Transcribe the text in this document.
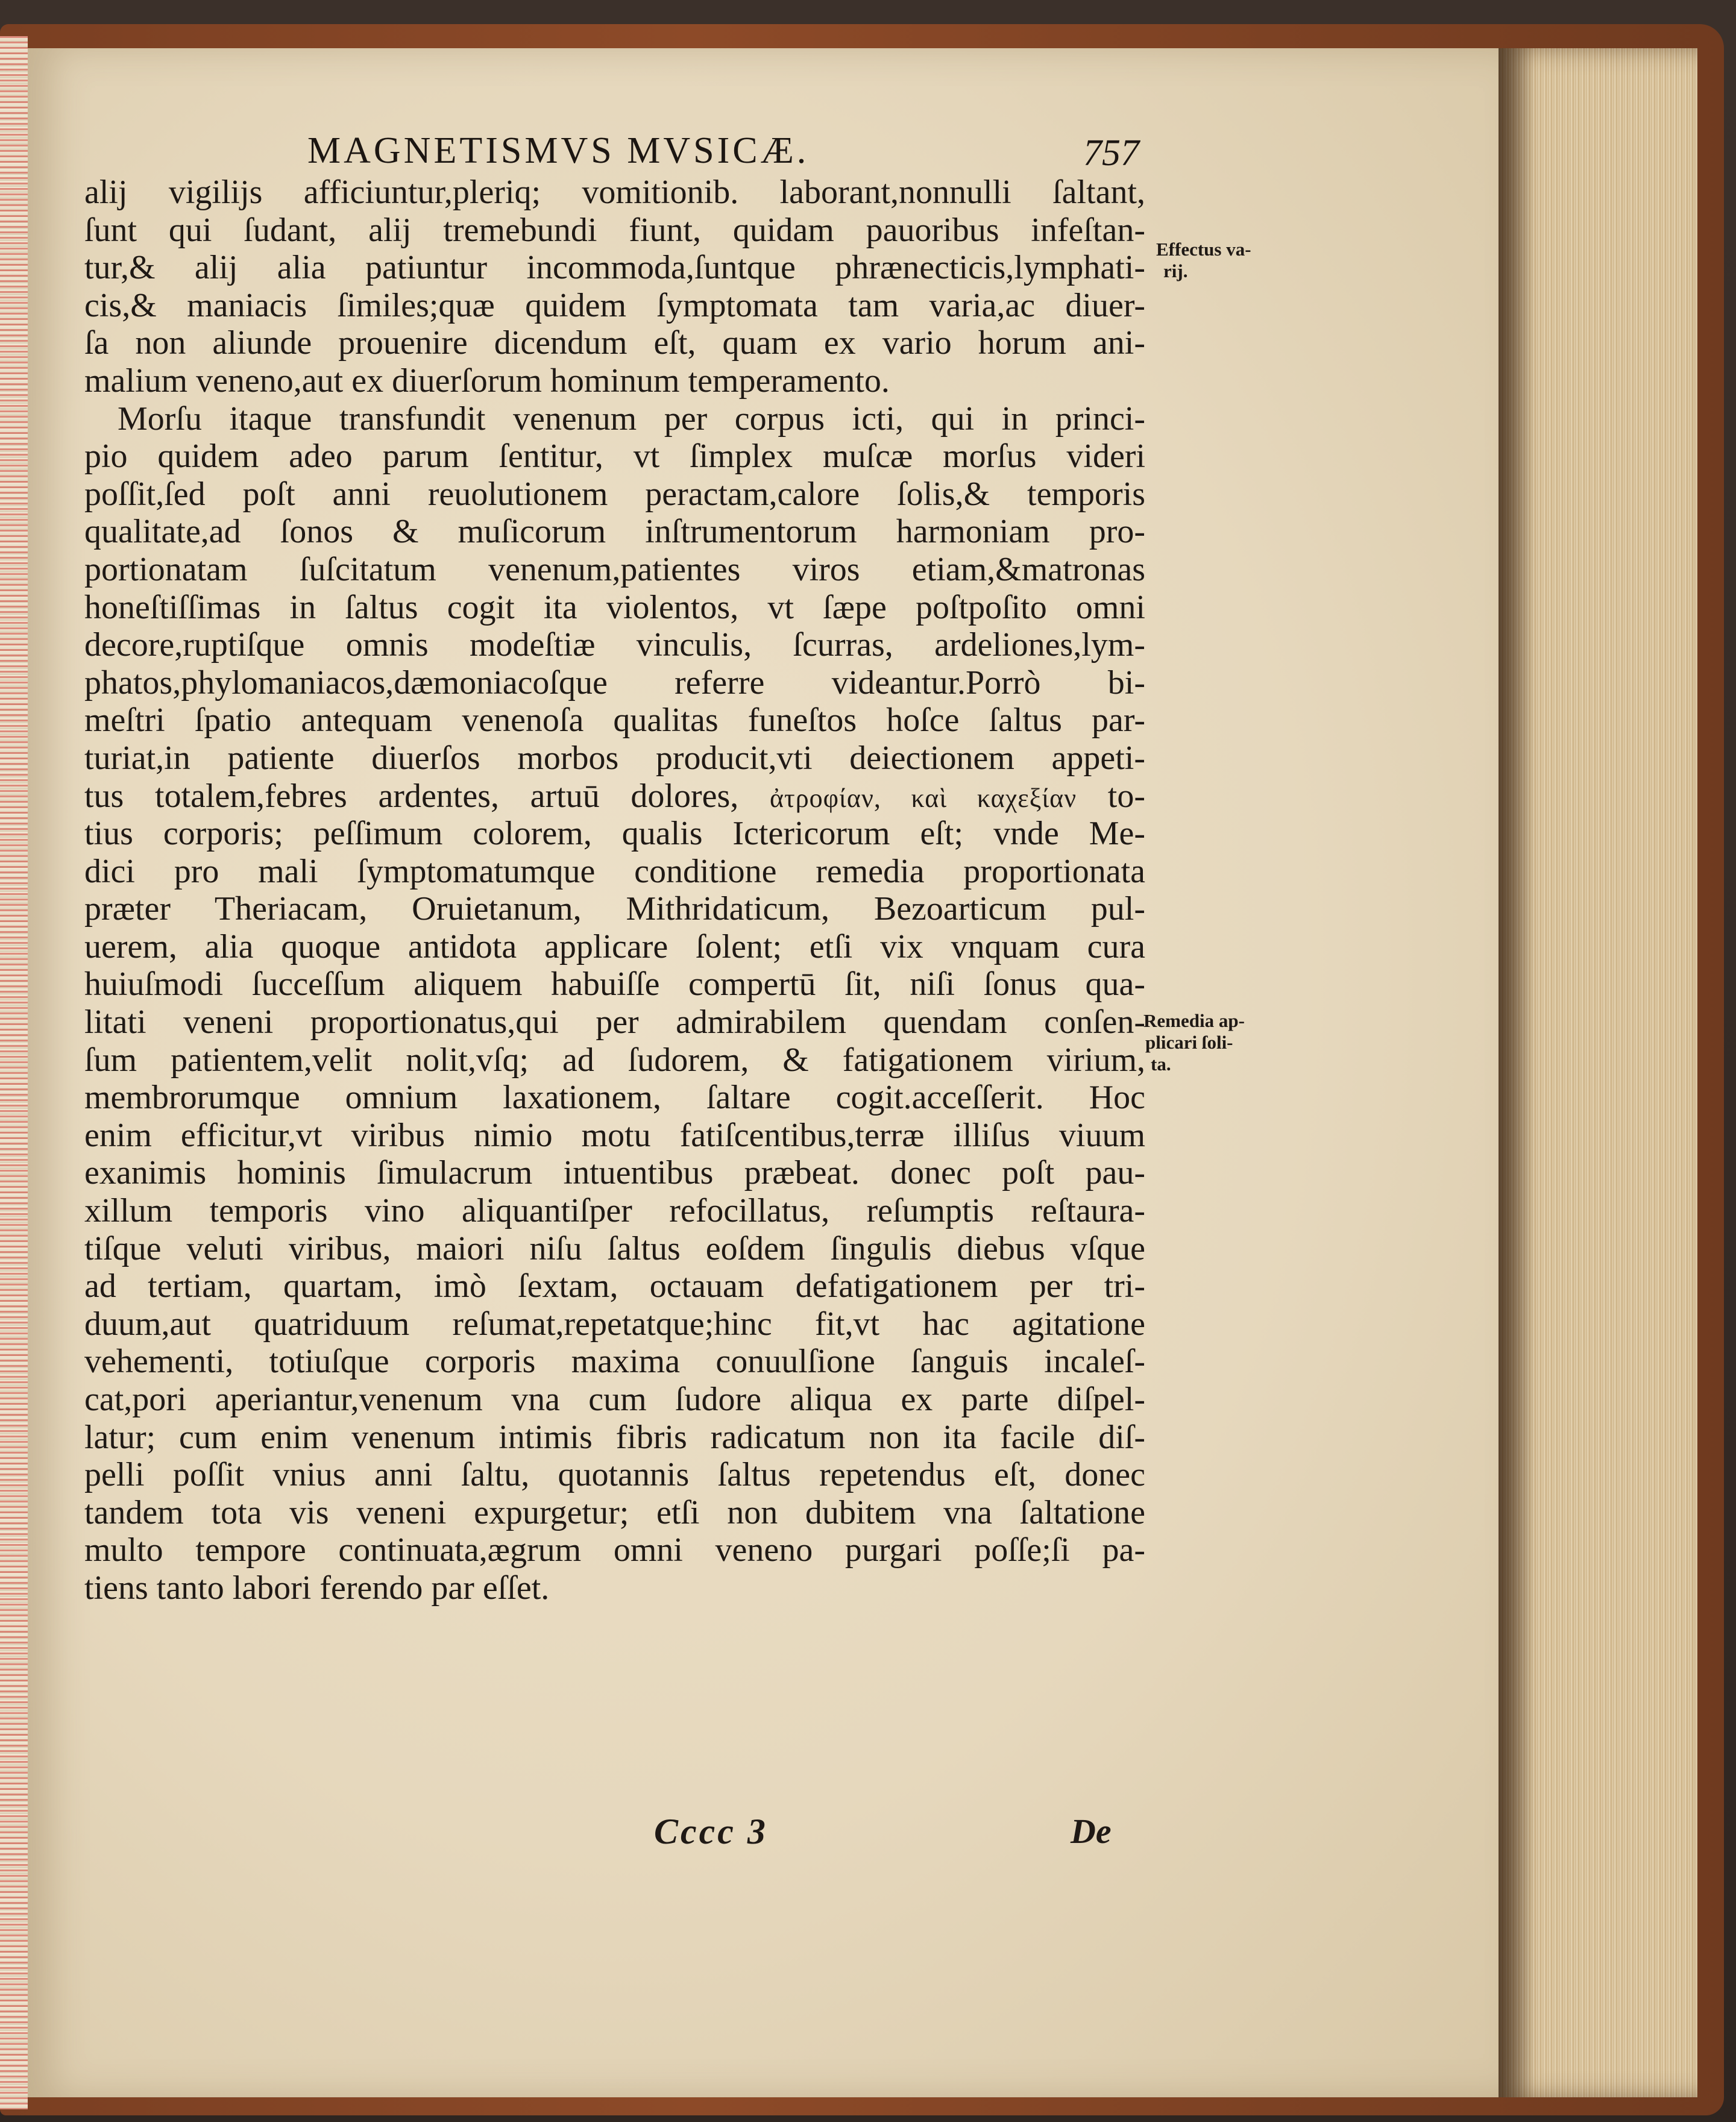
MAGNETISMVS MVSICÆ.	757
alij vigilijs afficiuntur,pleriq; vomitionib. laborant,nonnulli ſaltant,
ſunt qui ſudant, alij tremebundi fiunt, quidam pauoribus infeſtan-
tur,& alij alia patiuntur incommoda,ſuntque phrænecticis,lymphati-
cis,& maniacis ſimiles;quæ quidem ſymptomata tam varia,ac diuer-
ſa non aliunde prouenire dicendum eſt, quam ex vario horum ani-
malium veneno,aut ex diuerſorum hominum temperamento.
Morſu itaque transfundit venenum per corpus icti, qui in princi-
pio quidem adeo parum ſentitur, vt ſimplex muſcæ morſus videri
poſſit,ſed poſt anni reuolutionem peractam,calore ſolis,& temporis
qualitate,ad ſonos & muſicorum inſtrumentorum harmoniam pro-
portionatam ſuſcitatum venenum,patientes viros etiam,&matronas
honeſtiſſimas in ſaltus cogit ita violentos, vt ſæpe poſtpoſito omni
decore,ruptiſque omnis modeſtiæ vinculis, ſcurras, ardeliones,lym-
phatos,phylomaniacos,dæmoniacoſque referre videantur.Porrò bi-
meſtri ſpatio antequam venenoſa qualitas funeſtos hoſce ſaltus par-
turiat,in patiente diuerſos morbos producit,vti deiectionem appeti-
tus totalem,febres ardentes, artuū dolores, ἀτροφίαν, καὶ καχεξίαν to-
tius corporis; peſſimum colorem, qualis Ictericorum eſt; vnde Me-
dici pro mali ſymptomatumque conditione remedia proportionata
præter Theriacam, Oruietanum, Mithridaticum, Bezoarticum pul-
uerem, alia quoque antidota applicare ſolent; etſi vix vnquam cura
huiuſmodi ſucceſſum aliquem habuiſſe compertū ſit, niſi ſonus qua-
litati veneni proportionatus,qui per admirabilem quendam conſen-
ſum patientem,velit nolit,vſq; ad ſudorem, & fatigationem virium,
membrorumque omnium laxationem, ſaltare cogit.acceſſerit. Hoc
enim efficitur,vt viribus nimio motu fatiſcentibus,terræ illiſus viuum
exanimis hominis ſimulacrum intuentibus præbeat. donec poſt pau-
xillum temporis vino aliquantiſper refocillatus, reſumptis reſtaura-
tiſque veluti viribus, maiori niſu ſaltus eoſdem ſingulis diebus vſque
ad tertiam, quartam, imò ſextam, octauam defatigationem per tri-
duum,aut quatriduum reſumat,repetatque;hinc fit,vt hac agitatione
vehementi, totiuſque corporis maxima conuulſione ſanguis incaleſ-
cat,pori aperiantur,venenum vna cum ſudore aliqua ex parte diſpel-
latur; cum enim venenum intimis fibris radicatum non ita facile diſ-
pelli poſſit vnius anni ſaltu, quotannis ſaltus repetendus eſt, donec
tandem tota vis veneni expurgetur; etſi non dubitem vna ſaltatione
multo tempore continuata,ægrum omni veneno purgari poſſe;ſi pa-
tiens tanto labori ferendo par eſſet.
Effectus va-
rij.
Remedia ap-
plicari ſoli-
ta.
Cccc 3	De
